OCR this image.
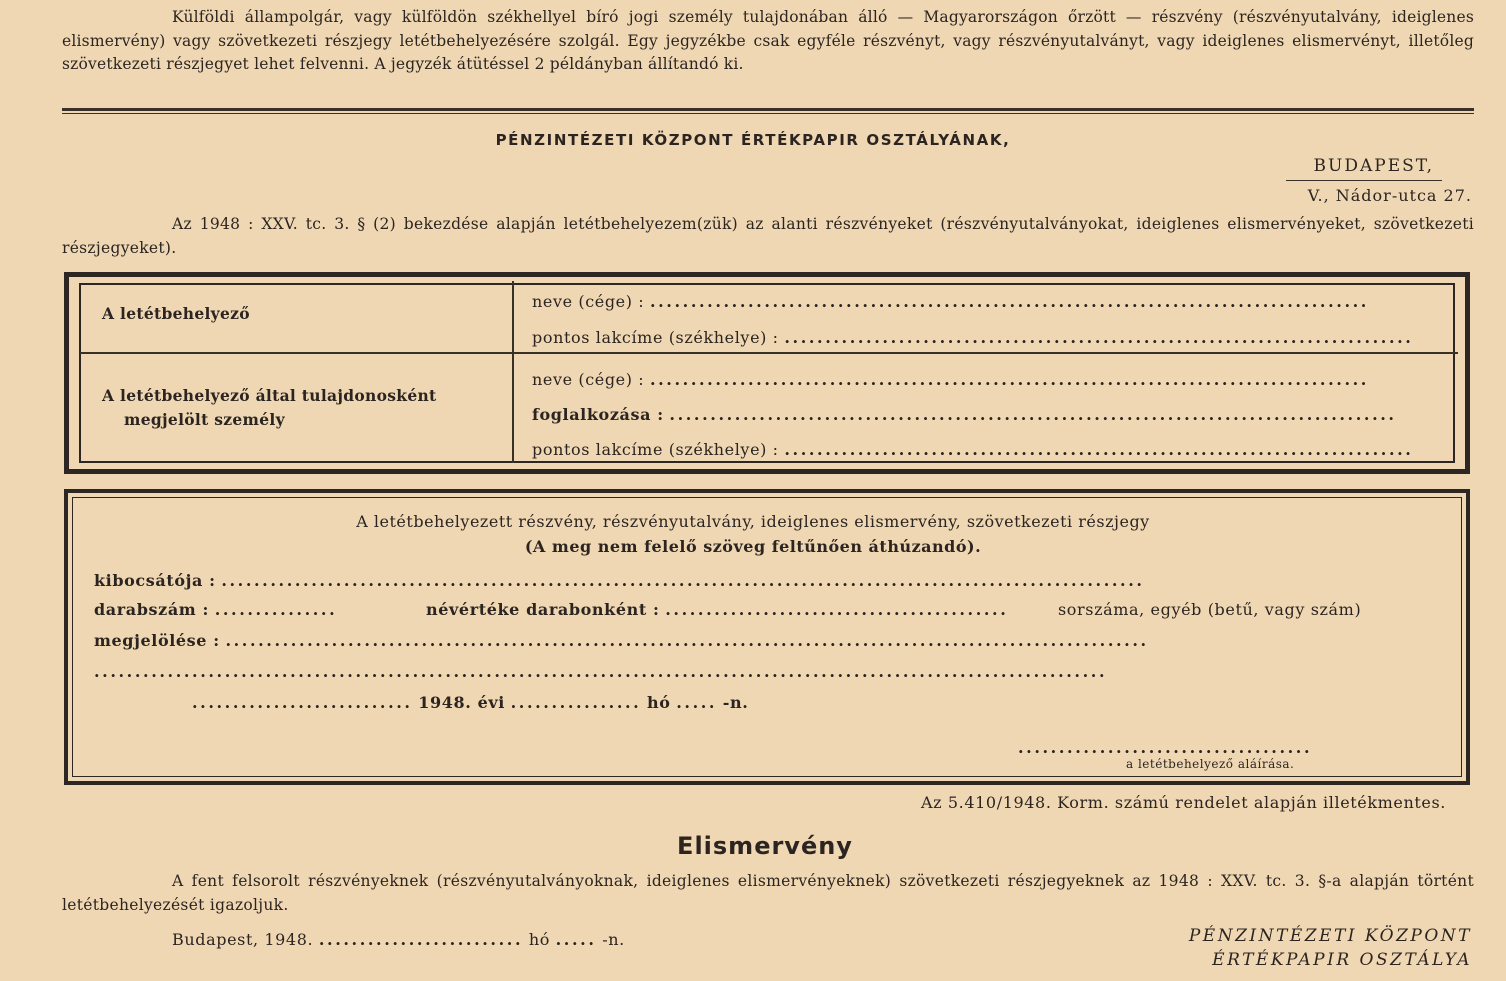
Külföldi állampolgár, vagy külföldön székhellyel bíró jogi személy tulajdonában álló — Magyarországon őrzött — részvény (részvényutalvány, ideiglenes elismervény) vagy szövetkezeti részjegy letétbehelyezésére szolgál. Egy jegyzékbe csak egyféle részvényt, vagy részvényutalványt, vagy ideiglenes elismervényt, illetőleg szövetkezeti részjegyet lehet felvenni. A jegyzék átütéssel 2 példányban állítandó ki.
PÉNZINTÉZETI KÖZPONT ÉRTÉKPAPIR OSZTÁLYÁNAK,
BUDAPEST,
V., Nádor-utca 27.
Az 1948 : XXV. tc. 3. § (2) bekezdése alapján letétbehelyezem(zük) az alanti részvényeket (részvényutalványokat, ideiglenes elismervényeket, szövetkezeti részjegyeket).
A letétbehelyező
neve (cége) : ........................................................................................
pontos lakcíme (székhelye) : .............................................................................
A letétbehelyező által tulajdonosként
megjelölt személy
neve (cége) : ........................................................................................
foglalkozása : .........................................................................................
pontos lakcíme (székhelye) : .............................................................................
A letétbehelyezett részvény, részvényutalvány, ideiglenes elismervény, szövetkezeti részjegy
(A meg nem felelő szöveg feltűnően áthúzandó).
kibocsátója : .................................................................................................................
darabszám : ...............	névértéke darabonként : ..........................................	sorszáma, egyéb (betű, vagy szám)
megjelölése : .................................................................................................................
............................................................................................................................
........................... 1948. évi ................ hó ..... -n.
....................................
a letétbehelyező aláírása.
Az 5.410/1948. Korm. számú rendelet alapján illetékmentes.
Elismervény
A fent felsorolt részvényeknek (részvényutalványoknak, ideiglenes elismervényeknek) szövetkezeti részjegyeknek az 1948 : XXV. tc. 3. §-a alapján történt letétbehelyezését igazoljuk.
Budapest, 1948. ......................... hó ..... -n.	PÉNZINTÉZETI KÖZPONT
ÉRTÉKPAPIR OSZTÁLYA
